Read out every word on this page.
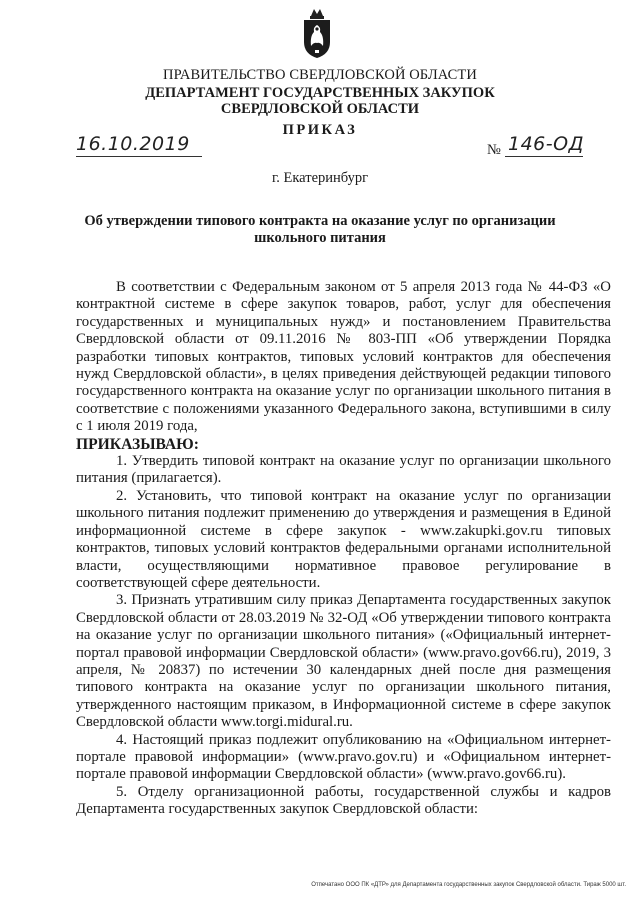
ПРАВИТЕЛЬСТВО СВЕРДЛОВСКОЙ ОБЛАСТИ
ДЕПАРТАМЕНТ ГОСУДАРСТВЕННЫХ ЗАКУПОК
СВЕРДЛОВСКОЙ ОБЛАСТИ
ПРИКАЗ
16.10.2019	№ 146-ОД
г. Екатеринбург
Об утверждении типового контракта на оказание услуг по организации
школьного питания

В соответствии с Федеральным законом от 5 апреля 2013 года № 44-ФЗ «О контрактной системе в сфере закупок товаров, работ, услуг для обеспечения государственных и муниципальных нужд» и постановлением Правительства Свердловской области от 09.11.2016 № 803-ПП «Об утверждении Порядка разработки типовых контрактов, типовых условий контрактов для обеспечения нужд Свердловской области», в целях приведения действующей редакции типового государственного контракта на оказание услуг по организации школьного питания в соответствие с положениями указанного Федерального закона, вступившими в силу с 1 июля 2019 года,

ПРИКАЗЫВАЮ:

1. Утвердить типовой контракт на оказание услуг по организации школьного питания (прилагается).

2. Установить, что типовой контракт на оказание услуг по организации школьного питания подлежит применению до утверждения и размещения в Единой информационной системе в сфере закупок - www.zakupki.gov.ru типовых контрактов, типовых условий контрактов федеральными органами исполнительной власти, осуществляющими нормативное правовое регулирование в соответствующей сфере деятельности.

3. Признать утратившим силу приказ Департамента государственных закупок Свердловской области от 28.03.2019 № 32-ОД «Об утверждении типового контракта на оказание услуг по организации школьного питания» («Официальный интернет-портал правовой информации Свердловской области» (www.pravo.gov66.ru), 2019, 3 апреля, № 20837) по истечении 30 календарных дней после дня размещения типового контракта на оказание услуг по организации школьного питания, утвержденного настоящим приказом, в Информационной системе в сфере закупок Свердловской области www.torgi.midural.ru.

4. Настоящий приказ подлежит опубликованию на «Официальном интернет-портале правовой информации» (www.pravo.gov.ru) и «Официальном интернет-портале правовой информации Свердловской области» (www.pravo.gov66.ru).

5. Отделу организационной работы, государственной службы и кадров Департамента государственных закупок Свердловской области:

Отпечатано ООО ПК «ДТР» для Департамента государственных закупок Свердловской области. Тираж 5000 шт.
